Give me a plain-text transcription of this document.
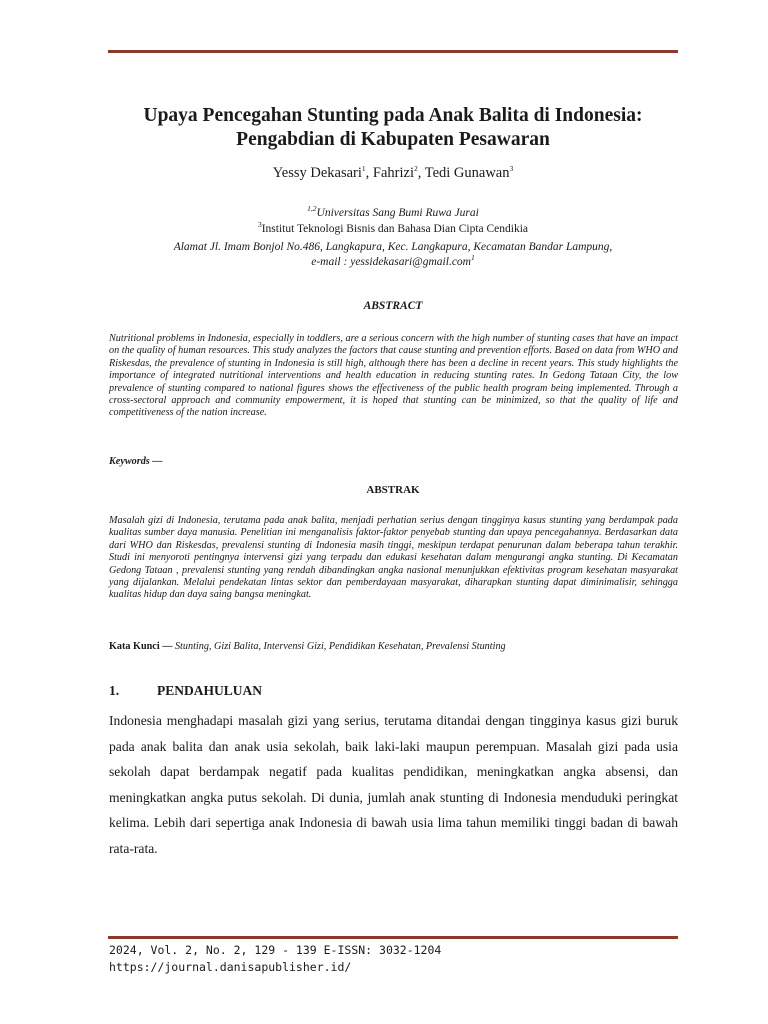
Upaya Pencegahan Stunting pada Anak Balita di Indonesia:
Pengabdian di Kabupaten Pesawaran
Yessy Dekasari$^1$, Fahrizi$^2$, Tedi Gunawan$^3$
$^{1,2}$Universitas Sang Bumi Ruwa Jurai
$^3$Institut Teknologi Bisnis dan Bahasa Dian Cipta Cendikia
Alamat Jl. Imam Bonjol No.486, Langkapura, Kec. Langkapura, Kecamatan Bandar Lampung,
e-mail : yessidekasari@gmail.com$^1$
ABSTRACT

Nutritional problems in Indonesia, especially in toddlers, are a serious concern with the high number of stunting cases that have an impact on the quality of human resources. This study analyzes the factors that cause stunting and prevention efforts. Based on data from WHO and Riskesdas, the prevalence of stunting in Indonesia is still high, although there has been a decline in recent years. This study highlights the importance of integrated nutritional interventions and health education in reducing stunting rates. In Gedong Tataan City, the low prevalence of stunting compared to national figures shows the effectiveness of the public health program being implemented. Through a cross-sectoral approach and community empowerment, it is hoped that stunting can be minimized, so that the quality of life and competitiveness of the nation increase.

Keywords —
ABSTRAK

Masalah gizi di Indonesia, terutama pada anak balita, menjadi perhatian serius dengan tingginya kasus stunting yang berdampak pada kualitas sumber daya manusia. Penelitian ini menganalisis faktor-faktor penyebab stunting dan upaya pencegahannya. Berdasarkan data dari WHO dan Riskesdas, prevalensi stunting di Indonesia masih tinggi, meskipun terdapat penurunan dalam beberapa tahun terakhir. Studi ini menyoroti pentingnya intervensi gizi yang terpadu dan edukasi kesehatan dalam mengurangi angka stunting. Di Kecamatan Gedong Tataan , prevalensi stunting yang rendah dibandingkan angka nasional menunjukkan efektivitas program kesehatan masyarakat yang dijalankan. Melalui pendekatan lintas sektor dan pemberdayaan masyarakat, diharapkan stunting dapat diminimalisir, sehingga kualitas hidup dan daya saing bangsa meningkat.

Kata Kunci — Stunting, Gizi Balita, Intervensi Gizi, Pendidikan Kesehatan, Prevalensi Stunting
1.	PENDAHULUAN

Indonesia menghadapi masalah gizi yang serius, terutama ditandai dengan tingginya kasus gizi buruk pada anak balita dan anak usia sekolah, baik laki-laki maupun perempuan. Masalah gizi pada usia sekolah dapat berdampak negatif pada kualitas pendidikan, meningkatkan angka absensi, dan meningkatkan angka putus sekolah. Di dunia, jumlah anak stunting di Indonesia menduduki peringkat kelima. Lebih dari sepertiga anak Indonesia di bawah usia lima tahun memiliki tinggi badan di bawah rata-rata.

2024, Vol. 2, No. 2, 129 - 139 E-ISSN: 3032-1204
https://journal.danisapublisher.id/
